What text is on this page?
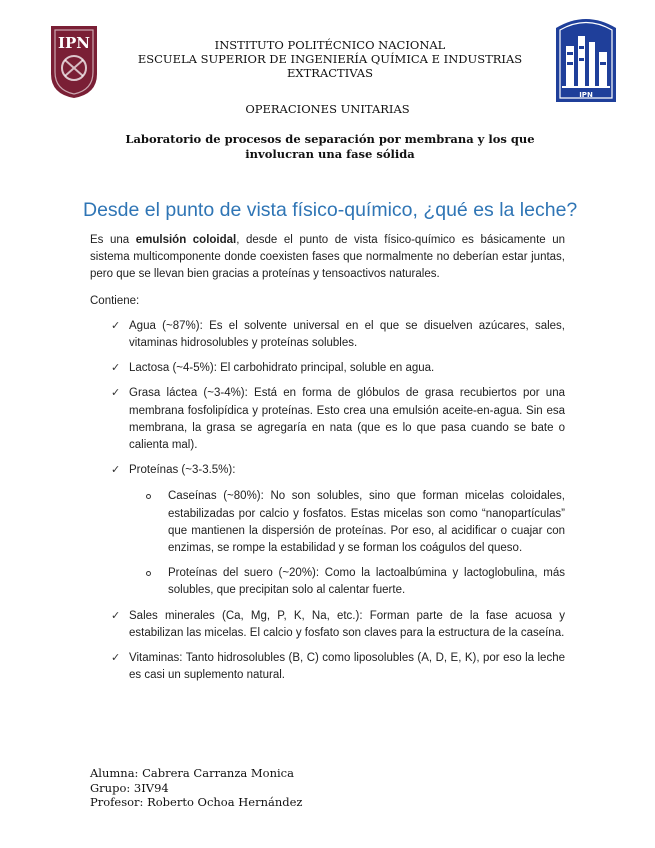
IPN
IPN
INSTITUTO POLITÉCNICO NACIONAL
ESCUELA SUPERIOR DE INGENIERÍA QUÍMICA E INDUSTRIAS
EXTRACTIVAS
OPERACIONES UNITARIAS
Laboratorio de procesos de separación por membrana y los que involucran una fase sólida
Desde el punto de vista físico-químico, ¿qué es la leche?

Es una emulsión coloidal, desde el punto de vista físico-químico es básicamente un sistema multicomponente donde coexisten fases que normalmente no deberían estar juntas, pero que se llevan bien gracias a proteínas y tensoactivos naturales.

Contiene:

✓ Agua (~87%): Es el solvente universal en el que se disuelven azúcares, sales, vitaminas hidrosolubles y proteínas solubles.
✓ Lactosa (~4-5%): El carbohidrato principal, soluble en agua.
✓ Grasa láctea (~3-4%): Está en forma de glóbulos de grasa recubiertos por una membrana fosfolipídica y proteínas. Esto crea una emulsión aceite-en-agua. Sin esa membrana, la grasa se agregaría en nata (que es lo que pasa cuando se bate o calienta mal).
✓ Proteínas (~3-3.5%):
Caseínas (~80%): No son solubles, sino que forman micelas coloidales, estabilizadas por calcio y fosfatos. Estas micelas son como “nanopartículas” que mantienen la dispersión de proteínas. Por eso, al acidificar o cuajar con enzimas, se rompe la estabilidad y se forman los coágulos del queso.
Proteínas del suero (~20%): Como la lactoalbúmina y lactoglobulina, más solubles, que precipitan solo al calentar fuerte.
✓ Sales minerales (Ca, Mg, P, K, Na, etc.): Forman parte de la fase acuosa y estabilizan las micelas. El calcio y fosfato son claves para la estructura de la caseína.
✓ Vitaminas: Tanto hidrosolubles (B, C) como liposolubles (A, D, E, K), por eso la leche es casi un suplemento natural.
Alumna: Cabrera Carranza Monica
Grupo: 3IV94
Profesor: Roberto Ochoa Hernández
